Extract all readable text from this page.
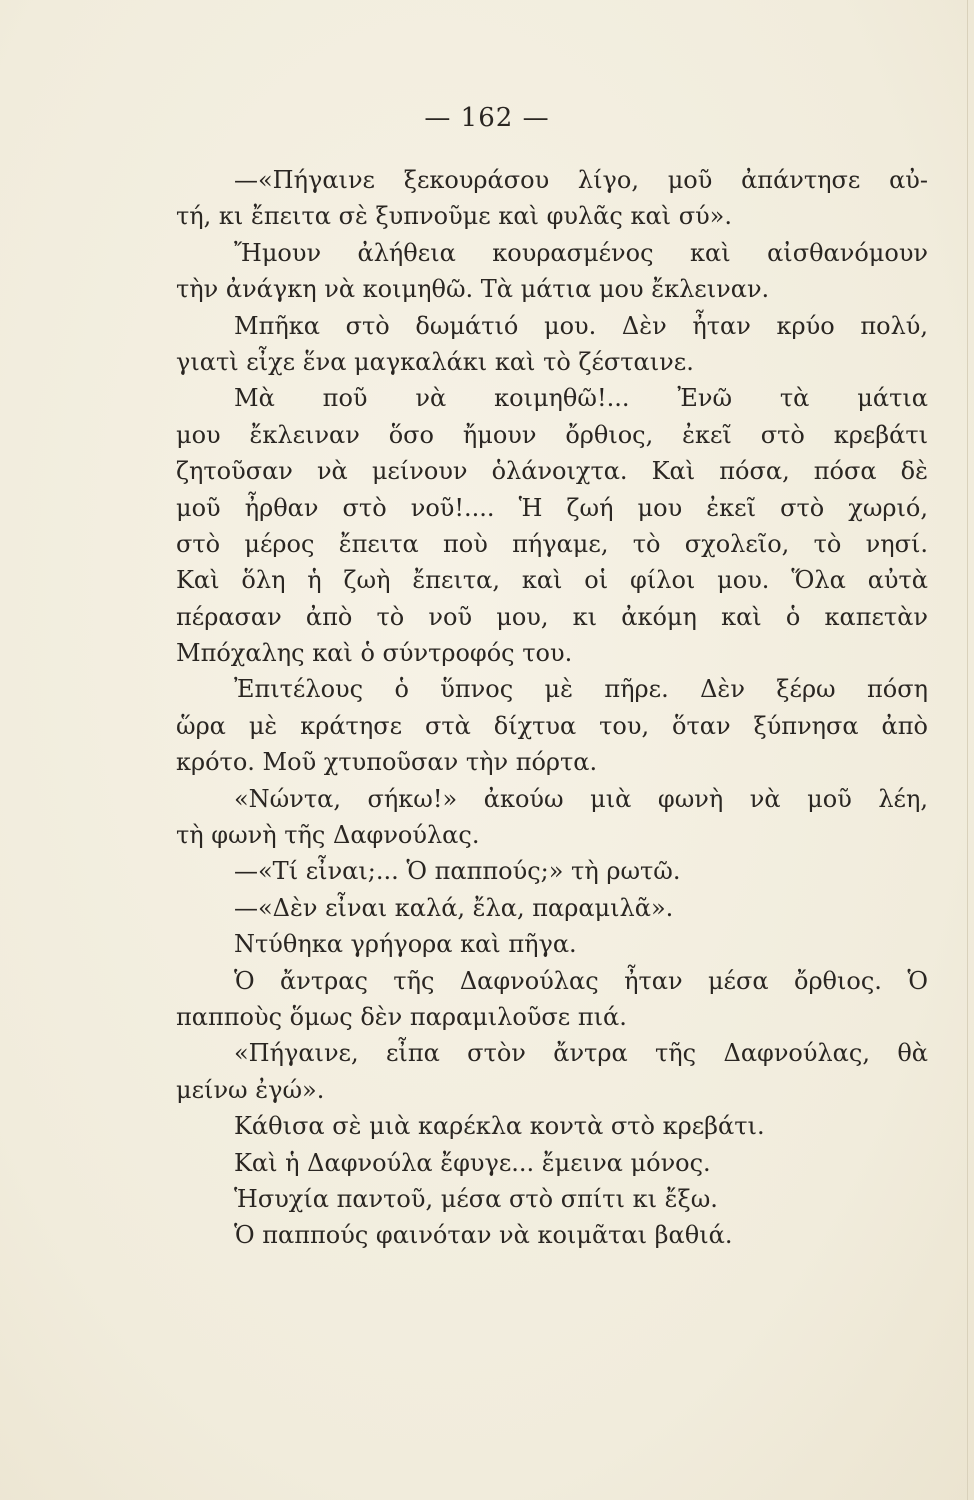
— 162 —
—«Πήγαινε ξεκουράσου λίγο, μοῦ ἀπάντησε αὐ-
τή, κι ἔπειτα σὲ ξυπνοῦμε καὶ φυλᾶς καὶ σύ».
Ἤμουν ἀλήθεια κουρασμένος καὶ αἰσθανόμουν
τὴν ἀνάγκη νὰ κοιμηθῶ. Τὰ μάτια μου ἔκλειναν.
Μπῆκα στὸ δωμάτιό μου. Δὲν ἦταν κρύο πολύ,
γιατὶ εἶχε ἕνα μαγκαλάκι καὶ τὸ ζέσταινε.
Μὰ ποῦ νὰ κοιμηθῶ!... Ἐνῶ τὰ μάτια
μου ἔκλειναν ὅσο ἤμουν ὄρθιος, ἐκεῖ στὸ κρεβάτι
ζητοῦσαν νὰ μείνουν ὁλάνοιχτα. Καὶ πόσα, πόσα δὲ
μοῦ ἦρθαν στὸ νοῦ!.... Ἡ ζωή μου ἐκεῖ στὸ χωριό,
στὸ μέρος ἔπειτα ποὺ πήγαμε, τὸ σχολεῖο, τὸ νησί.
Καὶ ὅλη ἡ ζωὴ ἔπειτα, καὶ οἱ φίλοι μου. Ὅλα αὐτὰ
πέρασαν ἀπὸ τὸ νοῦ μου, κι ἀκόμη καὶ ὁ καπετὰν
Μπόχαλης καὶ ὁ σύντροφός του.
Ἐπιτέλους ὁ ὕπνος μὲ πῆρε. Δὲν ξέρω πόση
ὥρα μὲ κράτησε στὰ δίχτυα του, ὅταν ξύπνησα ἀπὸ
κρότο. Μοῦ χτυποῦσαν τὴν πόρτα.
«Νώντα, σήκω!» ἀκούω μιὰ φωνὴ νὰ μοῦ λέη,
τὴ φωνὴ τῆς Δαφνούλας.
—«Τί εἶναι;... Ὁ παππούς;» τὴ ρωτῶ.
—«Δὲν εἶναι καλά, ἔλα, παραμιλᾶ».
Ντύθηκα γρήγορα καὶ πῆγα.
Ὁ ἄντρας τῆς Δαφνούλας ἦταν μέσα ὄρθιος. Ὁ
παπποὺς ὅμως δὲν παραμιλοῦσε πιά.
«Πήγαινε, εἶπα στὸν ἄντρα τῆς Δαφνούλας, θὰ
μείνω ἐγώ».
Κάθισα σὲ μιὰ καρέκλα κοντὰ στὸ κρεβάτι.
Καὶ ἡ Δαφνούλα ἔφυγε... ἔμεινα μόνος.
Ἡσυχία παντοῦ, μέσα στὸ σπίτι κι ἔξω.
Ὁ παππούς φαινόταν νὰ κοιμᾶται βαθιά.
